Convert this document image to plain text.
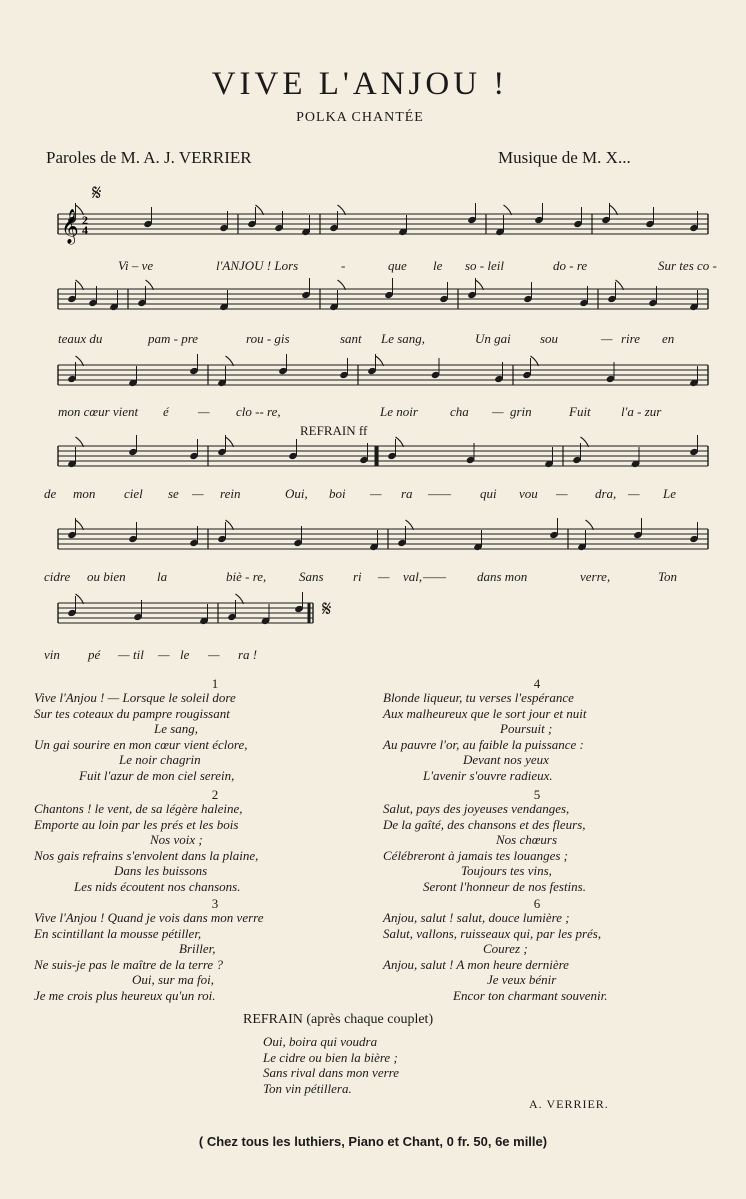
VIVE L'ANJOU !
POLKA CHANTÉE
Paroles de M. A. J. VERRIER	Musique de M. X...
𝄞 2
4
𝄋
𝄋
REFRAIN ff
Vi – ve	l'ANJOU ! Lors	-	que le so - leil	do - re	Sur tes co -
teaux du	pam - pre	rou - gis	sant Le sang,	Un gai sou	— rire en
mon cœur vient é — clo -- re,	Le noir cha — grin	Fuit l'a - zur
de mon ciel se — rein	Oui, boi — ra —— qui vou — dra, — Le
cidre ou bien la	biè - re,	Sans ri — val, —— dans mon	verre,	Ton
vin pé — til — le — ra !
1
Vive l'Anjou ! — Lorsque le soleil dore
Sur tes coteaux du pampre rougissant
Le sang,
Un gai sourire en mon cœur vient éclore,
Le noir chagrin
Fuit l'azur de mon ciel serein,
2
Chantons ! le vent, de sa légère haleine,
Emporte au loin par les prés et les bois
Nos voix ;
Nos gais refrains s'envolent dans la plaine,
Dans les buissons
Les nids écoutent nos chansons.
3
Vive l'Anjou ! Quand je vois dans mon verre
En scintillant la mousse pétiller,
Briller,
Ne suis-je pas le maître de la terre ?
Oui, sur ma foi,
Je me crois plus heureux qu'un roi.
4
Blonde liqueur, tu verses l'espérance
Aux malheureux que le sort jour et nuit
Poursuit ;
Au pauvre l'or, au faible la puissance :
Devant nos yeux
L'avenir s'ouvre radieux.
5
Salut, pays des joyeuses vendanges,
De la gaîté, des chansons et des fleurs,
Nos chœurs
Célébreront à jamais tes louanges ;
Toujours tes vins,
Seront l'honneur de nos festins.
6
Anjou, salut ! salut, douce lumière ;
Salut, vallons, ruisseaux qui, par les prés,
Courez ;
Anjou, salut ! A mon heure dernière
Je veux bénir
Encor ton charmant souvenir.
REFRAIN (après chaque couplet)
Oui, boira qui voudra
Le cidre ou bien la bière ;
Sans rival dans mon verre
Ton vin pétillera.
A. VERRIER.
( Chez tous les luthiers, Piano et Chant, 0 fr. 50, 6e mille)
